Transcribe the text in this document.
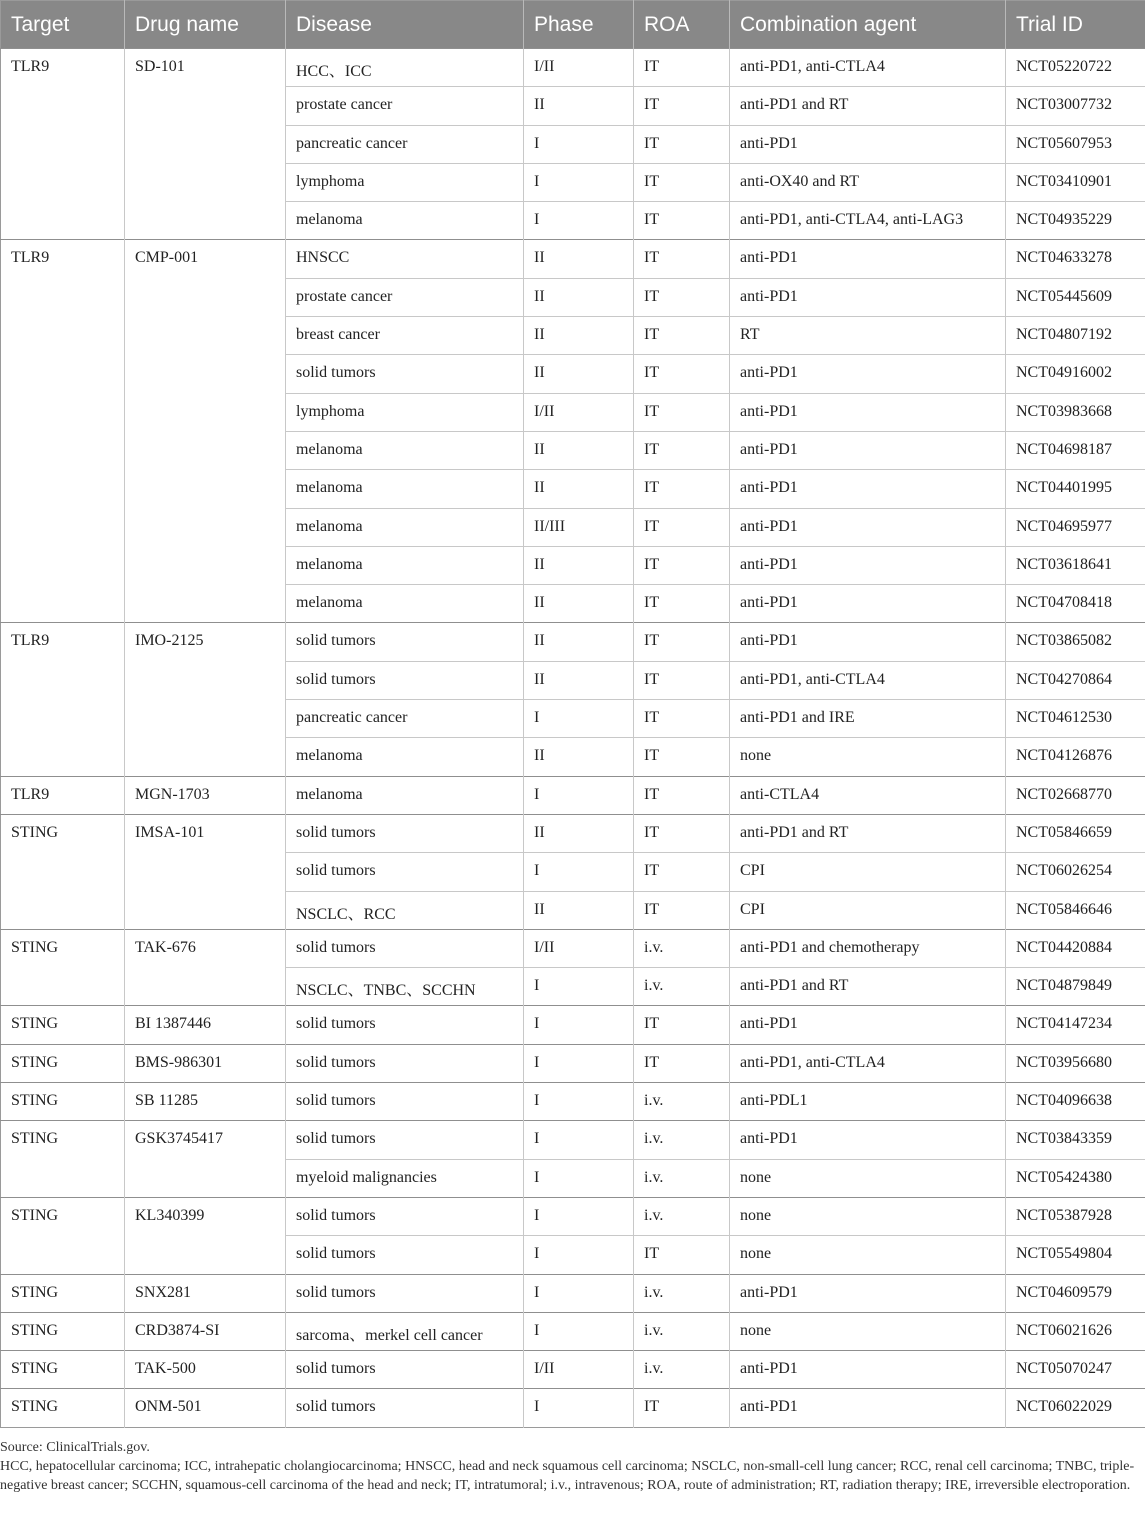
Target	Drug name	Disease	Phase	ROA	Combination agent	Trial ID
TLR9	SD-101	HCC、ICC	I/II	IT	anti-PD1, anti-CTLA4	NCT05220722
		prostate cancer	II	IT	anti-PD1 and RT	NCT03007732
		pancreatic cancer	I	IT	anti-PD1	NCT05607953
		lymphoma	I	IT	anti-OX40 and RT	NCT03410901
		melanoma	I	IT	anti-PD1, anti-CTLA4, anti-LAG3	NCT04935229
TLR9	CMP-001	HNSCC	II	IT	anti-PD1	NCT04633278
		prostate cancer	II	IT	anti-PD1	NCT05445609
		breast cancer	II	IT	RT	NCT04807192
		solid tumors	II	IT	anti-PD1	NCT04916002
		lymphoma	I/II	IT	anti-PD1	NCT03983668
		melanoma	II	IT	anti-PD1	NCT04698187
		melanoma	II	IT	anti-PD1	NCT04401995
		melanoma	II/III	IT	anti-PD1	NCT04695977
		melanoma	II	IT	anti-PD1	NCT03618641
		melanoma	II	IT	anti-PD1	NCT04708418
TLR9	IMO-2125	solid tumors	II	IT	anti-PD1	NCT03865082
		solid tumors	II	IT	anti-PD1, anti-CTLA4	NCT04270864
		pancreatic cancer	I	IT	anti-PD1 and IRE	NCT04612530
		melanoma	II	IT	none	NCT04126876
TLR9	MGN-1703	melanoma	I	IT	anti-CTLA4	NCT02668770
STING	IMSA-101	solid tumors	II	IT	anti-PD1 and RT	NCT05846659
		solid tumors	I	IT	CPI	NCT06026254
		NSCLC、RCC	II	IT	CPI	NCT05846646
STING	TAK-676	solid tumors	I/II	i.v.	anti-PD1 and chemotherapy	NCT04420884
		NSCLC、TNBC、SCCHN	I	i.v.	anti-PD1 and RT	NCT04879849
STING	BI 1387446	solid tumors	I	IT	anti-PD1	NCT04147234
STING	BMS-986301	solid tumors	I	IT	anti-PD1, anti-CTLA4	NCT03956680
STING	SB 11285	solid tumors	I	i.v.	anti-PDL1	NCT04096638
STING	GSK3745417	solid tumors	I	i.v.	anti-PD1	NCT03843359
		myeloid malignancies	I	i.v.	none	NCT05424380
STING	KL340399	solid tumors	I	i.v.	none	NCT05387928
		solid tumors	I	IT	none	NCT05549804
STING	SNX281	solid tumors	I	i.v.	anti-PD1	NCT04609579
STING	CRD3874-SI	sarcoma、merkel cell cancer	I	i.v.	none	NCT06021626
STING	TAK-500	solid tumors	I/II	i.v.	anti-PD1	NCT05070247
STING	ONM-501	solid tumors	I	IT	anti-PD1	NCT06022029

Source: ClinicalTrials.gov.

HCC, hepatocellular carcinoma; ICC, intrahepatic cholangiocarcinoma; HNSCC, head and neck squamous cell carcinoma; NSCLC, non-small-cell lung cancer; RCC, renal cell carcinoma; TNBC, triple-negative breast cancer; SCCHN, squamous-cell carcinoma of the head and neck; IT, intratumoral; i.v., intravenous; ROA, route of administration; RT, radiation therapy; IRE, irreversible electroporation.
